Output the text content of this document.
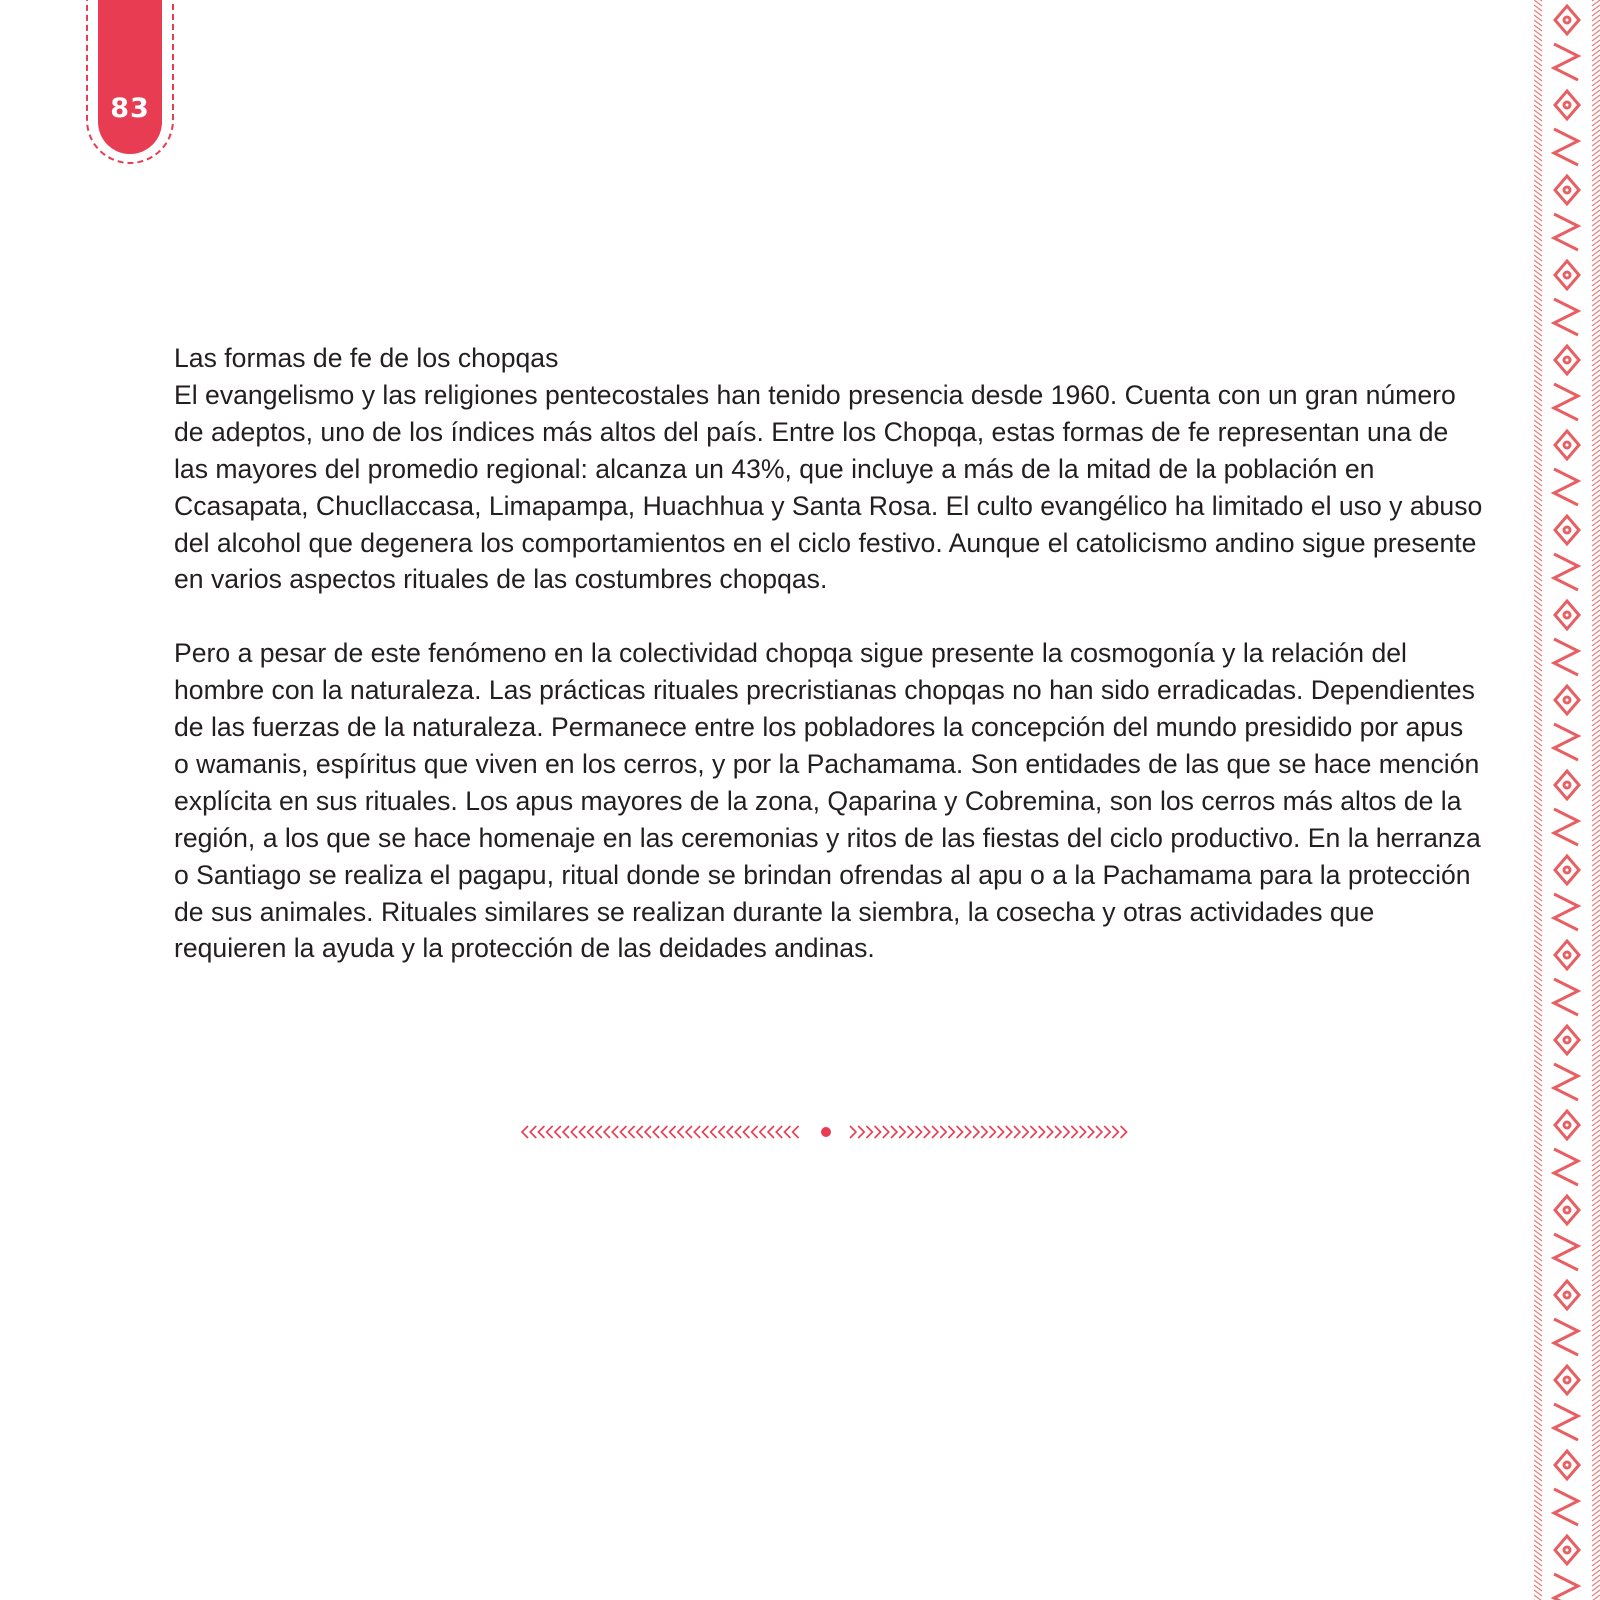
83
Las formas de fe de los chopqas

El evangelismo y las religiones pentecostales han tenido presencia desde 1960. Cuenta con un gran número de adeptos, uno de los índices más altos del país. Entre los Chopqa, estas formas de fe representan una de las mayores del promedio regional: alcanza un 43%, que incluye a más de la mitad de la población en Ccasapata, Chucllaccasa, Limapampa, Huachhua y Santa Rosa. El culto evangélico ha limitado el uso y abuso del alcohol que degenera los comportamientos en el ciclo festivo. Aunque el catolicismo andino sigue presente en varios aspectos rituales de las costumbres chopqas.

Pero a pesar de este fenómeno en la colectividad chopqa sigue presente la cosmogonía y la relación del hombre con la naturaleza. Las prácticas rituales precristianas chopqas no han sido erradicadas. Dependientes de las fuerzas de la naturaleza. Permanece entre los pobladores la concepción del mundo presidido por apus o wamanis, espíritus que viven en los cerros, y por la Pachamama. Son entidades de las que se hace mención explícita en sus rituales. Los apus mayores de la zona, Qaparina y Cobremina, son los cerros más altos de la región, a los que se hace homenaje en las ceremonias y ritos de las fiestas del ciclo productivo. En la herranza o Santiago se realiza el pagapu, ritual donde se brindan ofrendas al apu o a la Pachamama para la protección de sus animales. Rituales similares se realizan durante la siembra, la cosecha y otras actividades que requieren la ayuda y la protección de las deidades andinas.
